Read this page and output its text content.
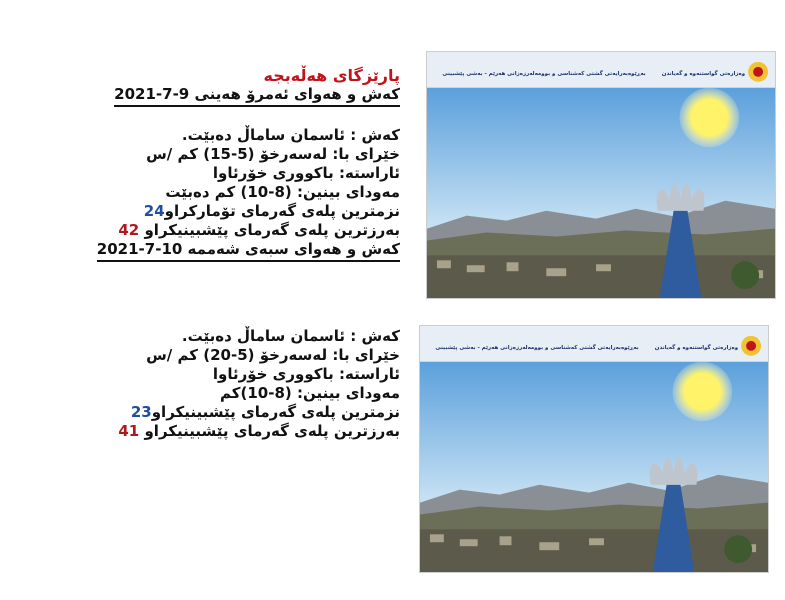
پارێزگای هەڵەبجە
کەش و هەوای ئەمرۆ هەینی 9-7-2021
کەش : ئاسمان ساماڵ دەبێت.
خێرای با: لەسەرخۆ (5-15) کم /س
ئاراستە: باکووری خۆرئاوا
مەودای بینین: (8-10) کم دەبێت
نزمترین پلەی گەرمای تۆمارکراو24
بەرزترین پلەی گەرمای پێشبینیکراو 42
کەش و هەوای سبەی شەممە 10-7-2021
کەش : ئاسمان ساماڵ دەبێت.
خێرای با: لەسەرخۆ (5-20) کم /س
ئاراستە: باکووری خۆرئاوا
مەودای بینین: (8-10)کم
نزمترین پلەی گەرمای پێشبینیکراو23
بەرزترین پلەی گەرمای پێشبینیکراو 41
وەزارەتی گواستنەوە و گەیاندن
بەڕێوەبەرایەتی گشتی کەشناسی و بوومەلەرزەزانی هەرێم - بەشی پێشبینی
وەزارەتی گواستنەوە و گەیاندن
بەڕێوەبەرایەتی گشتی کەشناسی و بوومەلەرزەزانی هەرێم - بەشی پێشبینی
